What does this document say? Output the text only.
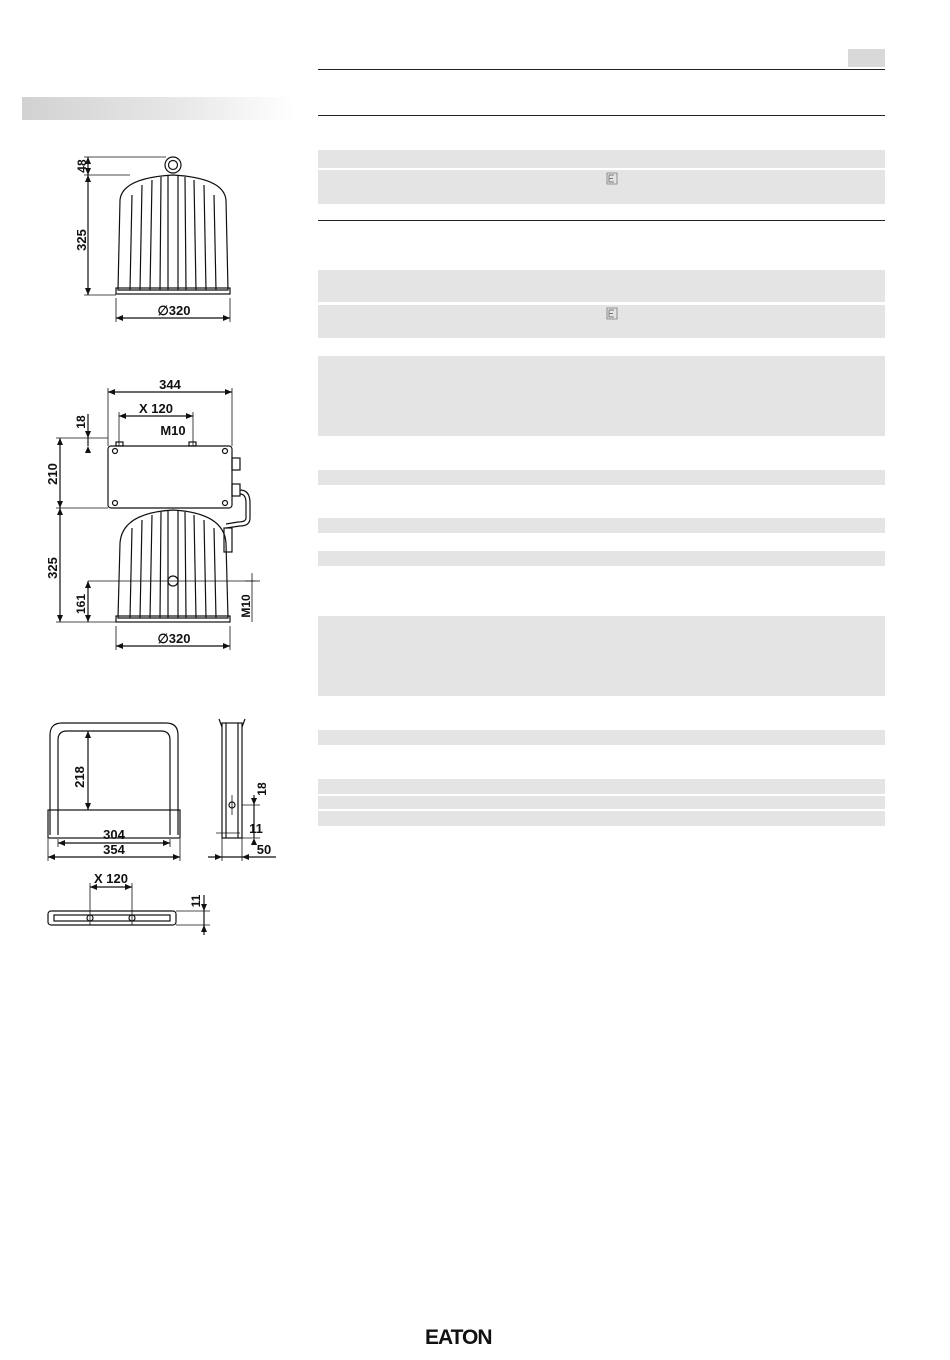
48
325
∅320
344
X 120
M10
18
210
325
161	M10
∅320
218
304
354
18
11
50
X 120
11
EATON
